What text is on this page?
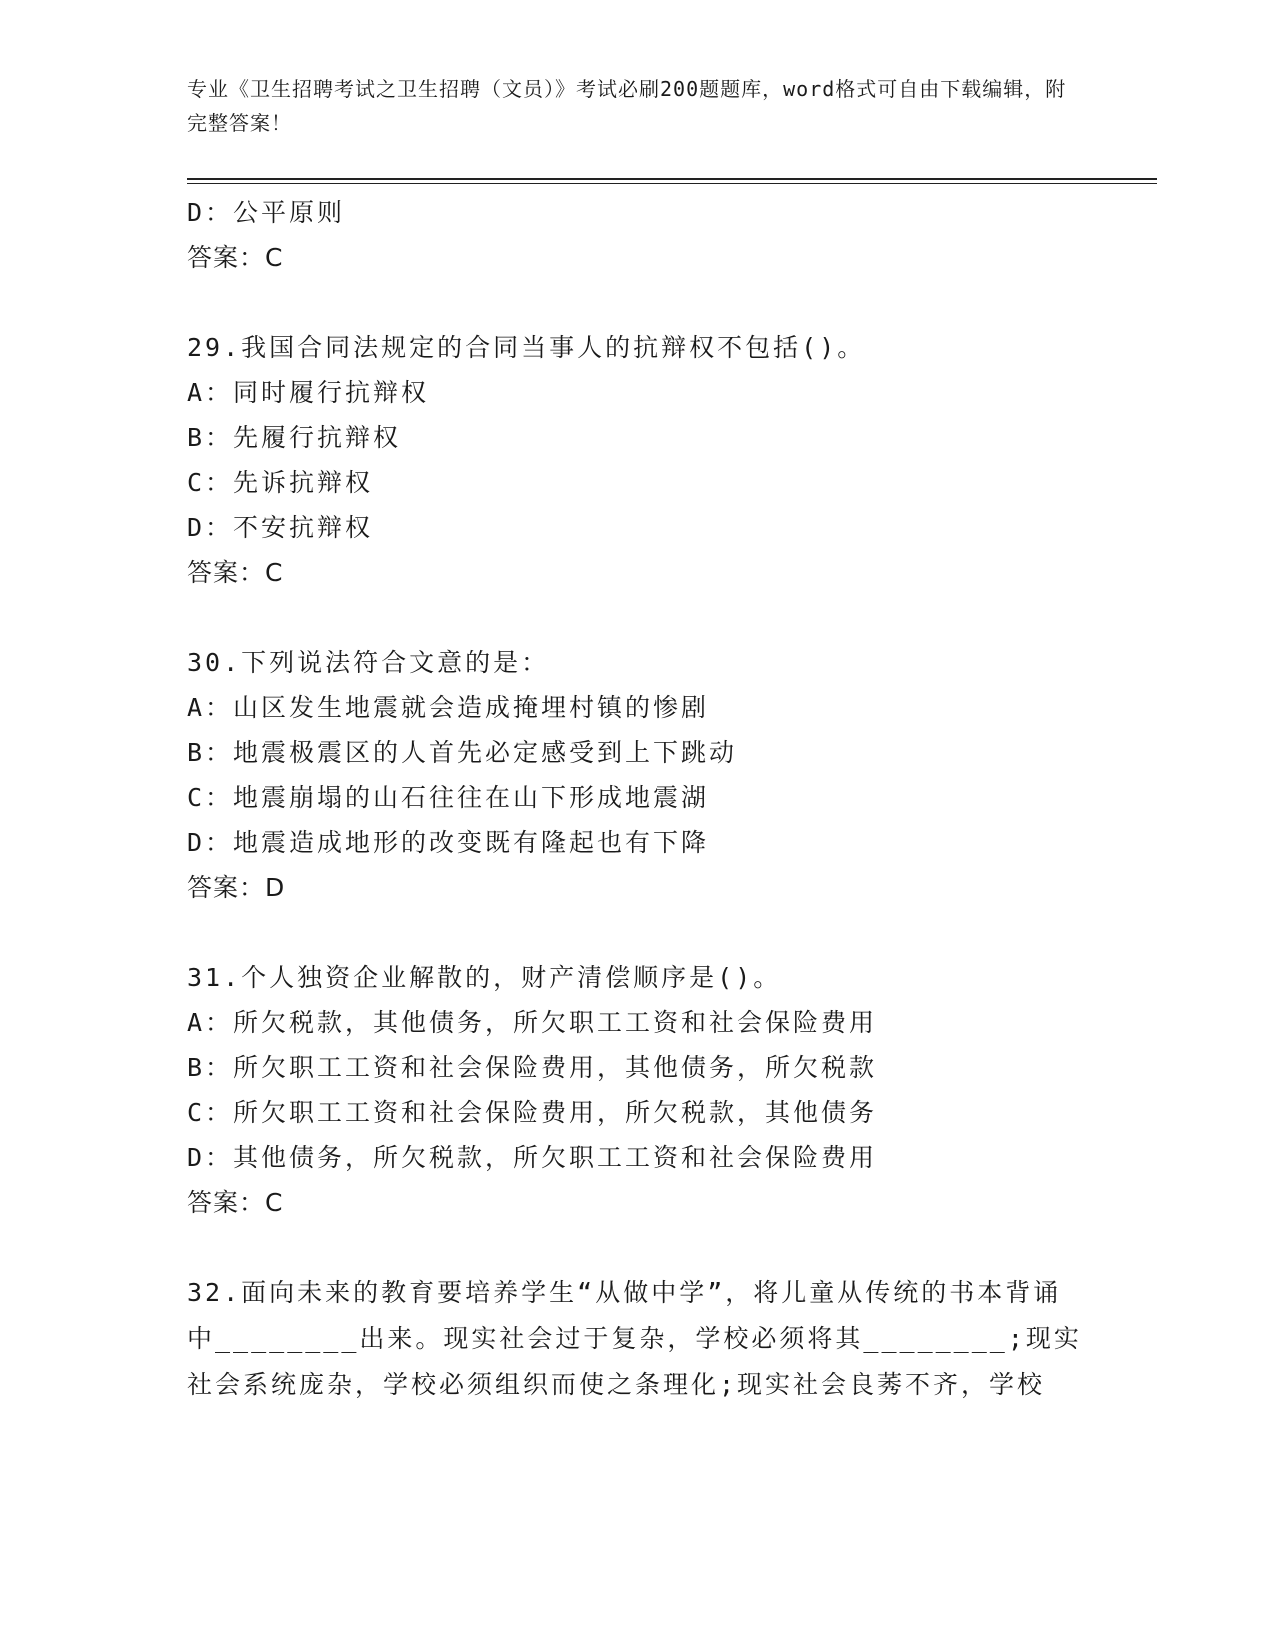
专业《卫生招聘考试之卫生招聘（文员）》考试必刷200题题库，word格式可自由下载编辑，附完整答案！
D：公平原则
答案：C
29.我国合同法规定的合同当事人的抗辩权不包括()。
A：同时履行抗辩权
B：先履行抗辩权
C：先诉抗辩权
D：不安抗辩权
答案：C
30.下列说法符合文意的是：
A：山区发生地震就会造成掩埋村镇的惨剧
B：地震极震区的人首先必定感受到上下跳动
C：地震崩塌的山石往往在山下形成地震湖
D：地震造成地形的改变既有隆起也有下降
答案：D
31.个人独资企业解散的，财产清偿顺序是()。
A：所欠税款，其他债务，所欠职工工资和社会保险费用
B：所欠职工工资和社会保险费用，其他债务，所欠税款
C：所欠职工工资和社会保险费用，所欠税款，其他债务
D：其他债务，所欠税款，所欠职工工资和社会保险费用
答案：C
32.面向未来的教育要培养学生“从做中学”，将儿童从传统的书本背诵中________出来。现实社会过于复杂，学校必须将其________;现实社会系统庞杂，学校必须组织而使之条理化;现实社会良莠不齐，学校
